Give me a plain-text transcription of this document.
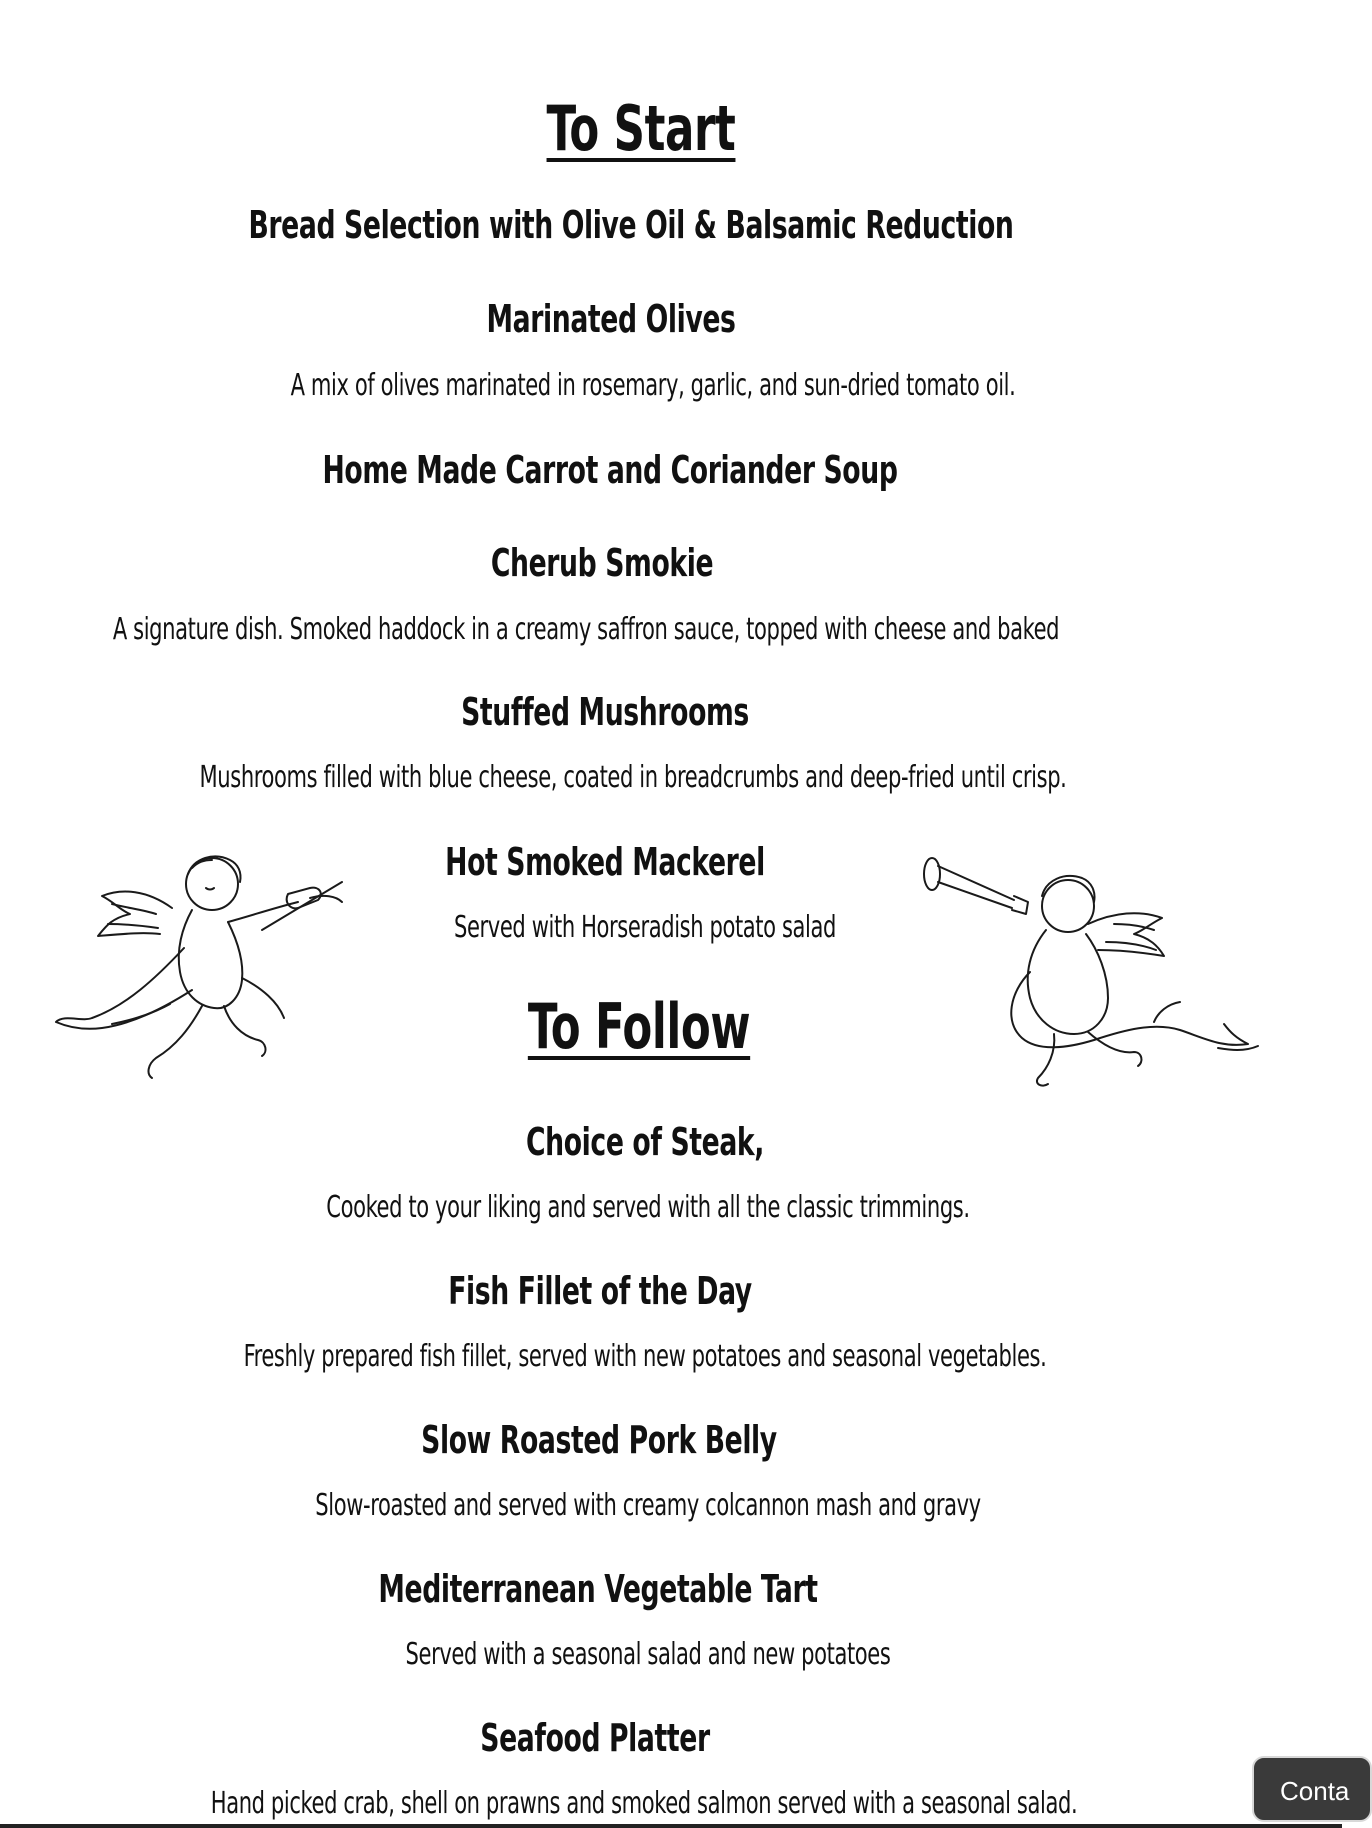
To Start
Bread Selection with Olive Oil & Balsamic Reduction
Marinated Olives
A mix of olives marinated in rosemary, garlic, and sun-dried tomato oil.
Home Made Carrot and Coriander Soup
Cherub Smokie
A signature dish. Smoked haddock in a creamy saffron sauce, topped with cheese and baked
Stuffed Mushrooms
Mushrooms filled with blue cheese, coated in breadcrumbs and deep-fried until crisp.
Hot Smoked Mackerel
Served with Horseradish potato salad
To Follow
Choice of Steak,
Cooked to your liking and served with all the classic trimmings.
Fish Fillet of the Day
Freshly prepared fish fillet, served with new potatoes and seasonal vegetables.
Slow Roasted Pork Belly
Slow-roasted and served with creamy colcannon mash and gravy
Mediterranean Vegetable Tart
Served with a seasonal salad and new potatoes
Seafood Platter
Hand picked crab, shell on prawns and smoked salmon served with a seasonal salad.	Conta
